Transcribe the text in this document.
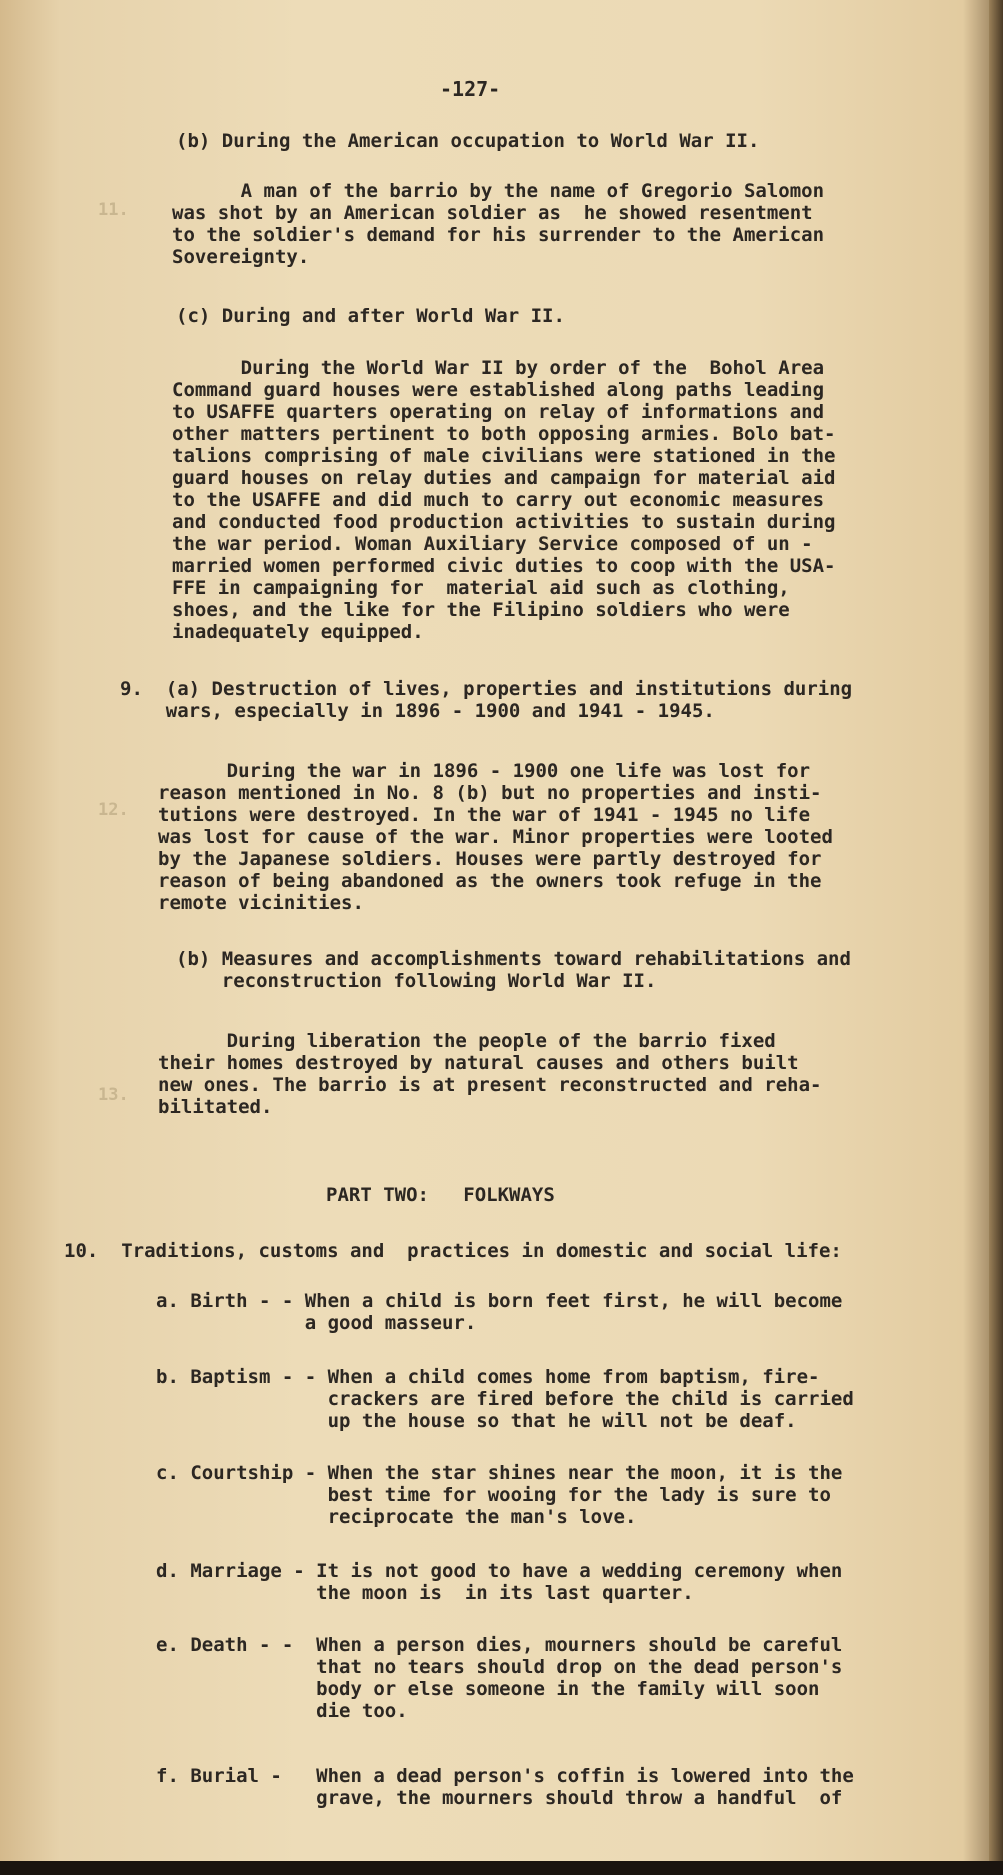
11.
12.
13.
-127-
(b) During the American occupation to World War II.
A man of the barrio by the name of Gregorio Salomon
was shot by an American soldier as  he showed resentment
to the soldier's demand for his surrender to the American
Sovereignty.
(c) During and after World War II.
During the World War II by order of the  Bohol Area
Command guard houses were established along paths leading
to USAFFE quarters operating on relay of informations and
other matters pertinent to both opposing armies. Bolo bat-
talions comprising of male civilians were stationed in the
guard houses on relay duties and campaign for material aid
to the USAFFE and did much to carry out economic measures
and conducted food production activities to sustain during
the war period. Woman Auxiliary Service composed of un -
married women performed civic duties to coop with the USA-
FFE in campaigning for  material aid such as clothing,
shoes, and the like for the Filipino soldiers who were
inadequately equipped.
9.  (a) Destruction of lives, properties and institutions during
wars, especially in 1896 - 1900 and 1941 - 1945.
During the war in 1896 - 1900 one life was lost for
reason mentioned in No. 8 (b) but no properties and insti-
tutions were destroyed. In the war of 1941 - 1945 no life
was lost for cause of the war. Minor properties were looted
by the Japanese soldiers. Houses were partly destroyed for
reason of being abandoned as the owners took refuge in the
remote vicinities.
(b) Measures and accomplishments toward rehabilitations and
reconstruction following World War II.
During liberation the people of the barrio fixed
their homes destroyed by natural causes and others built
new ones. The barrio is at present reconstructed and reha-
bilitated.
PART TWO:   FOLKWAYS
10.  Traditions, customs and  practices in domestic and social life:
a. Birth - - When a child is born feet first, he will become
a good masseur.
b. Baptism - - When a child comes home from baptism, fire-
crackers are fired before the child is carried
up the house so that he will not be deaf.
c. Courtship - When the star shines near the moon, it is the
best time for wooing for the lady is sure to
reciprocate the man's love.
d. Marriage - It is not good to have a wedding ceremony when
the moon is  in its last quarter.
e. Death - -  When a person dies, mourners should be careful
that no tears should drop on the dead person's
body or else someone in the family will soon
die too.
f. Burial -   When a dead person's coffin is lowered into the
grave, the mourners should throw a handful  of
